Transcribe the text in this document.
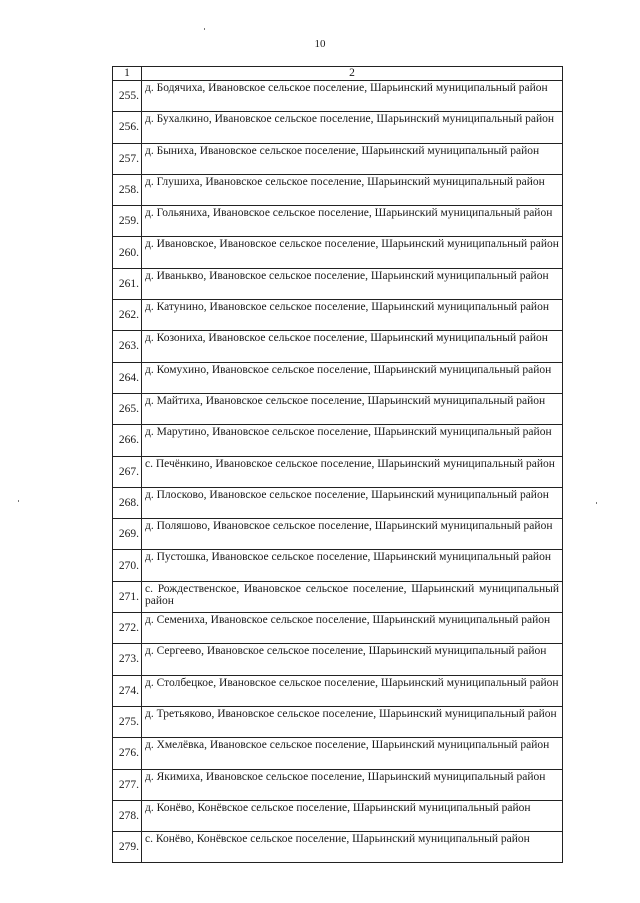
10
1	2
255.	д. Бодячиха, Ивановское сельское поселение, Шарьинский муниципальный район
256.	д. Бухалкино, Ивановское сельское поселение, Шарьинский муниципальный район
257.	д. Быниха, Ивановское сельское поселение, Шарьинский муниципальный район
258.	д. Глушиха, Ивановское сельское поселение, Шарьинский муниципальный район
259.	д. Гольяниха, Ивановское сельское поселение, Шарьинский муниципальный район
260.	д. Ивановское, Ивановское сельское поселение, Шарьинский муниципальный район
261.	д. Иванькво, Ивановское сельское поселение, Шарьинский муниципальный район
262.	д. Катунино, Ивановское сельское поселение, Шарьинский муниципальный район
263.	д. Козониха, Ивановское сельское поселение, Шарьинский муниципальный район
264.	д. Комухино, Ивановское сельское поселение, Шарьинский муниципальный район
265.	д. Майтиха, Ивановское сельское поселение, Шарьинский муниципальный район
266.	д. Марутино, Ивановское сельское поселение, Шарьинский муниципальный район
267.	с. Печёнкино, Ивановское сельское поселение, Шарьинский муниципальный район
268.	д. Плосково, Ивановское сельское поселение, Шарьинский муниципальный район
269.	д. Поляшово, Ивановское сельское поселение, Шарьинский муниципальный район
270.	д. Пустошка, Ивановское сельское поселение, Шарьинский муниципальный район
271.	с. Рождественское, Ивановское сельское поселение, Шарьинский муниципальный район
272.	д. Семениха, Ивановское сельское поселение, Шарьинский муниципальный район
273.	д. Сергеево, Ивановское сельское поселение, Шарьинский муниципальный район
274.	д. Столбецкое, Ивановское сельское поселение, Шарьинский муниципальный район
275.	д. Третьяково, Ивановское сельское поселение, Шарьинский муниципальный район
276.	д. Хмелёвка, Ивановское сельское поселение, Шарьинский муниципальный район
277.	д. Якимиха, Ивановское сельское поселение, Шарьинский муниципальный район
278.	д. Конёво, Конёвское сельское поселение, Шарьинский муниципальный район
279.	с. Конёво, Конёвское сельское поселение, Шарьинский муниципальный район
